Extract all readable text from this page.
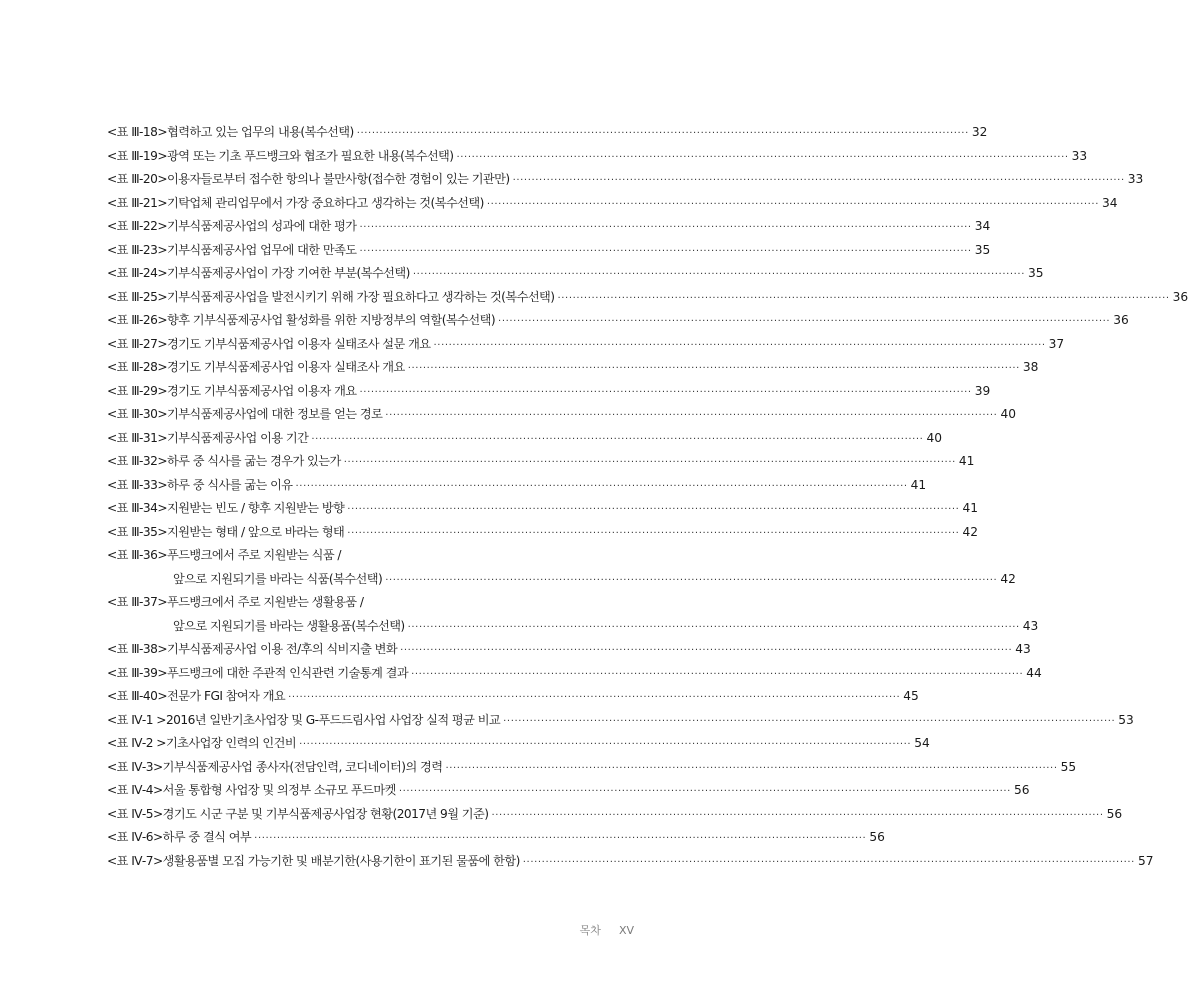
<표 Ⅲ-18> 협력하고 있는 업무의 내용(복수선택) ·····	32
<표 Ⅲ-19> 광역 또는 기초 푸드뱅크와 협조가 필요한 내용(복수선택) ·····	33
<표 Ⅲ-20> 이용자들로부터 접수한 항의나 불만사항(접수한 경험이 있는 기관만) ·····	33
<표 Ⅲ-21> 기탁업체 관리업무에서 가장 중요하다고 생각하는 것(복수선택) ·····	34
<표 Ⅲ-22> 기부식품제공사업의 성과에 대한 평가 ·····	34
<표 Ⅲ-23> 기부식품제공사업 업무에 대한 만족도 ·····	35
<표 Ⅲ-24> 기부식품제공사업이 가장 기여한 부분(복수선택) ·····	35
<표 Ⅲ-25> 기부식품제공사업을 발전시키기 위해 가장 필요하다고 생각하는 것(복수선택) ·····	36
<표 Ⅲ-26> 향후 기부식품제공사업 활성화를 위한 지방정부의 역할(복수선택) ·····	36
<표 Ⅲ-27> 경기도 기부식품제공사업 이용자 실태조사 설문 개요 ·····	37
<표 Ⅲ-28> 경기도 기부식품제공사업 이용자 실태조사 개요 ·····	38
<표 Ⅲ-29> 경기도 기부식품제공사업 이용자 개요 ·····	39
<표 Ⅲ-30> 기부식품제공사업에 대한 정보를 얻는 경로 ·····	40
<표 Ⅲ-31> 기부식품제공사업 이용 기간 ·····	40
<표 Ⅲ-32> 하루 중 식사를 굶는 경우가 있는가 ·····	41
<표 Ⅲ-33> 하루 중 식사를 굶는 이유 ·····	41
<표 Ⅲ-34> 지원받는 빈도 / 향후 지원받는 방향 ·····	41
<표 Ⅲ-35> 지원받는 형태 / 앞으로 바라는 형태 ·····	42
<표 Ⅲ-36> 푸드뱅크에서 주로 지원받는 식품 /
앞으로 지원되기를 바라는 식품(복수선택) ·····	42
<표 Ⅲ-37> 푸드뱅크에서 주로 지원받는 생활용품 /
앞으로 지원되기를 바라는 생활용품(복수선택) ·····	43
<표 Ⅲ-38> 기부식품제공사업 이용 전/후의 식비지출 변화 ·····	43
<표 Ⅲ-39> 푸드뱅크에 대한 주관적 인식관련 기술통계 결과 ·····	44
<표 Ⅲ-40> 전문가 FGI 참여자 개요 ·····	45
<표 Ⅳ-1 > 2016년 일반기초사업장 및 G-푸드드림사업 사업장 실적 평균 비교 ·····	53
<표 Ⅳ-2 > 기초사업장 인력의 인건비 ·····	54
<표 Ⅳ-3> 기부식품제공사업 종사자(전담인력, 코디네이터)의 경력 ·····	55
<표 Ⅳ-4> 서울 통합형 사업장 및 의정부 소규모 푸드마켓 ·····	56
<표 Ⅳ-5> 경기도 시군 구분 및 기부식품제공사업장 현황(2017년 9월 기준) ·····	56
<표 Ⅳ-6> 하루 중 결식 여부 ·····	56
<표 Ⅳ-7> 생활용품별 모집 가능기한 및 배분기한(사용기한이 표기된 물품에 한함) ·····	57
목차 XV
